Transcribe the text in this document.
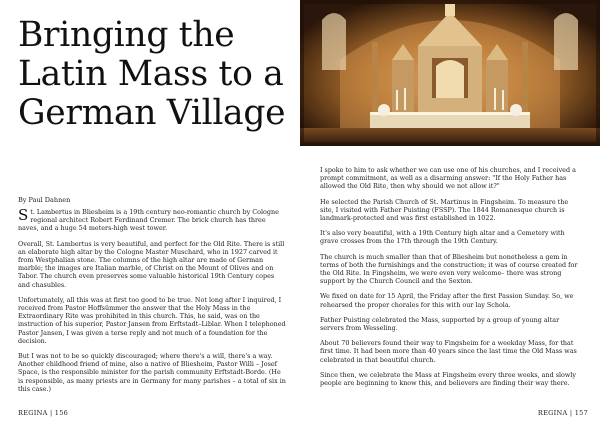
Bringing the Latin Mass to a German Village
By Paul Dahnen

St. Lambertus in Bliesheim is a 19th century neo-romantic church by Cologne regional architect Robert Ferdinand Cremer. The brick church has three naves, and a huge 54 meters-high west tower.

Overall, St. Lambertus is very beautiful, and perfect for the Old Rite. There is still an elaborate high altar by the Cologne Master Muschard, who in 1927 carved it from Westphalian stone. The columns of the high altar are made of German marble; the images are Italian marble, of Christ on the Mount of Olives and on Tabor. The church even preserves some valuable historical 19th Century copes and chasubles.

Unfortunately, all this was at first too good to be true. Not long after I inquired, I received from Pastor Hoffsümmer the answer that the Holy Mass in the Extraordinary Rite was prohibited in this church. This, he said, was on the instruction of his superior, Pastor Jansen from Erftstadt–Liblar. When I telephoned Pastor Jansen, I was given a terse reply and not much of a foundation for the decision.

But I was not to be so quickly discouraged; where there's a will, there's a way. Another childhood friend of mine, also a native of Bliesheim, Pastor Willi – Josef Space, is the responsible minister for the parish community Erftstadt-Borde. (He is responsible, as many priests are in Germany for many parishes – a total of six in this case.)

REGINA | 156

I spoke to him to ask whether we can use one of his churches, and I received a prompt commitment, as well as a disarming answer: "If the Holy Father has allowed the Old Rite, then why should we not allow it?"

He selected the Parish Church of St. Martinus in Fingsheim. To measure the site, I visited with Father Puisting (FSSP). The 1844 Romanesque church is landmark-protected and was first established in 1022.

It's also very beautiful, with a 19th Century high altar and a Cemetery with grave crosses from the 17th through the 19th Century.

The church is much smaller than that of Bliesheim but nonetheless a gem in terms of both the furnishings and the construction; it was of course created for the Old Rite. In Fingsheim, we were even very welcome– there was strong support by the Church Council and the Sexton.

We fixed on date for 15 April, the Friday after the first Passion Sunday. So, we rehearsed the proper chorales for this with our lay Schola.

Father Puisting celebrated the Mass, supported by a group of young altar servers from Wesseling.

About 70 believers found their way to Fingsheim for a weekday Mass, for that first time. It had been more than 40 years since the last time the Old Mass was celebrated in that beautiful church.

Since then, we celebrate the Mass at Fingsheim every three weeks, and slowly people are beginning to know this, and believers are finding their way there.

REGINA | 157
